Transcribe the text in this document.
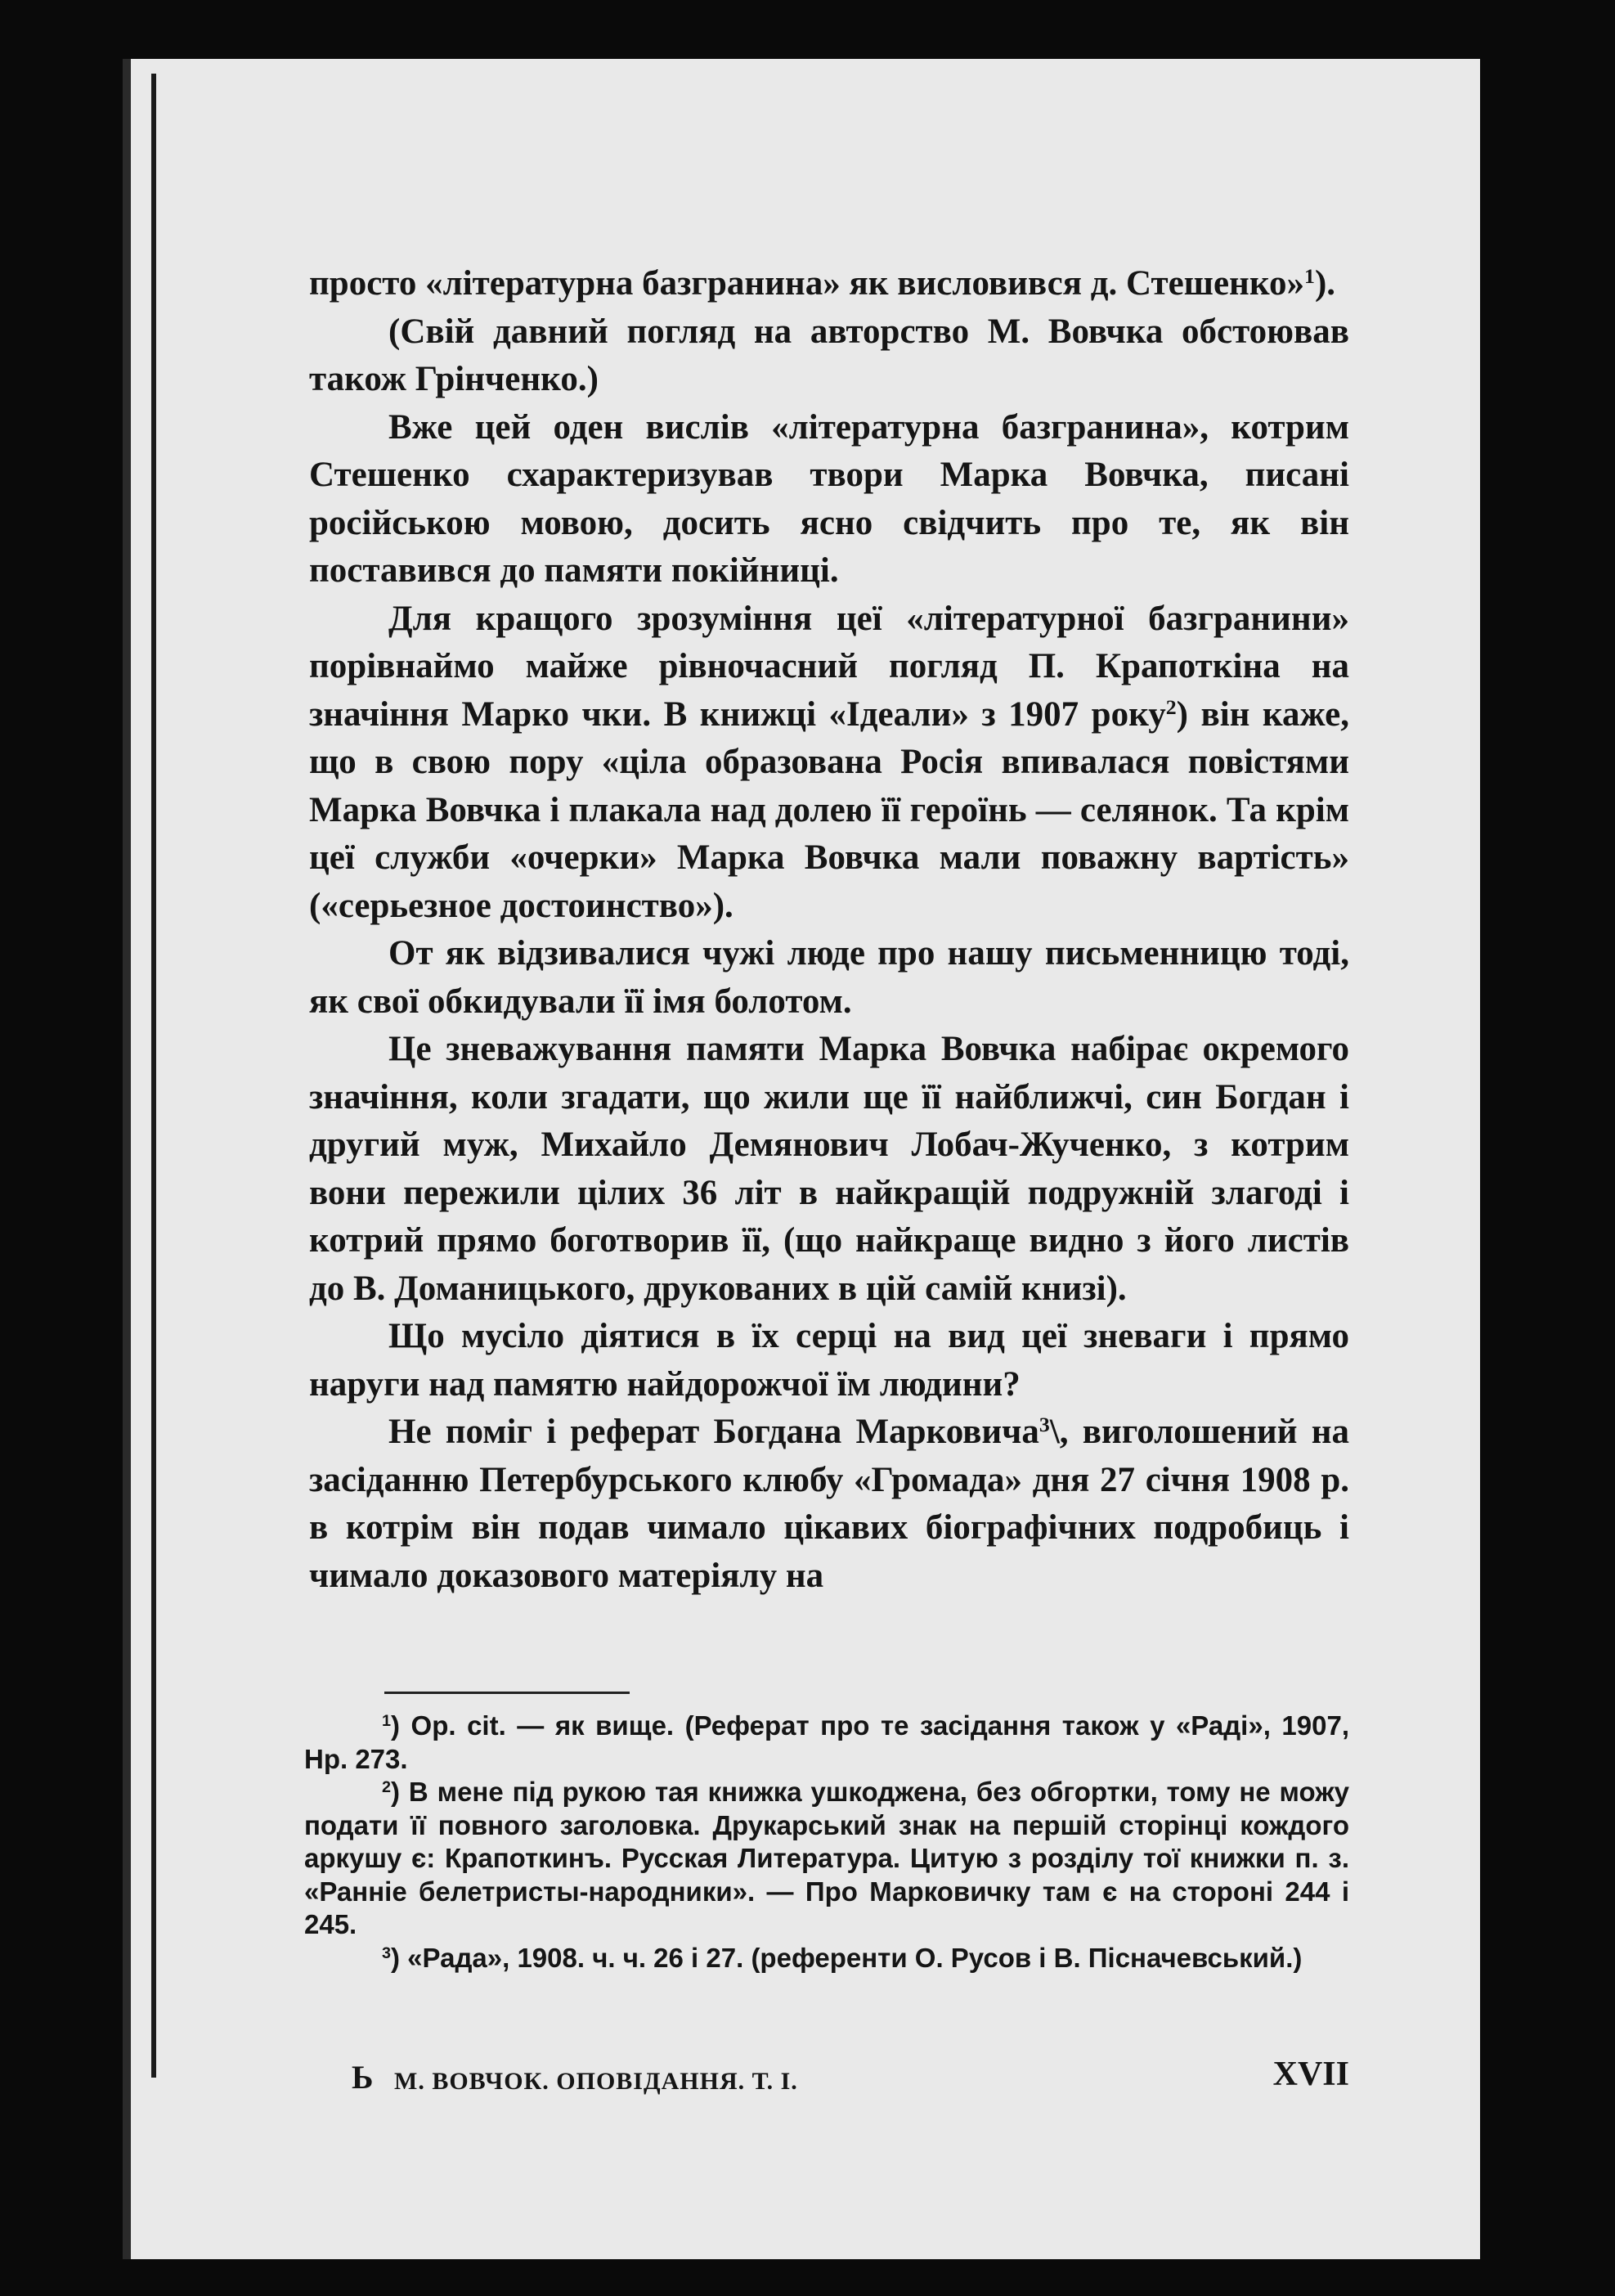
просто «літературна базгранина» як висловився д. Стешенко»$^1$).

(Свій давний погляд на авторство М. Вовчка обстоював також Грінченко.)

Вже цей оден вислів «літературна базгранина», котрим Стешенко схарактеризував твори Марка Вовчка, писані російською мовою, досить ясно свідчить про те, як він поставився до памяти покійниці.

Для кращого зрозуміння цеї «літературної базгранини» порівнаймо майже рівночасний погляд П. Крапоткіна на значіння Марко чки. В книжці «Ідеали» з 1907 року$^2$) він каже, що в свою пору «ціла образована Росія впивалася повістями Марка Вовчка і плакала над долею її героїнь — селянок. Та крім цеї служби «очерки» Марка Вовчка мали поважну вартість» («серьезное достоинство»).

От як відзивалися чужі люде про нашу письменницю тоді, як свої обкидували її імя болотом.

Це зневажування памяти Марка Вовчка набірає окремого значіння, коли згадати, що жили ще її найближчі, син Богдан і другий муж, Михайло Демянович Лобач-Жученко, з котрим вони пережили цілих 36 літ в найкращій подружній злагоді і котрий прямо боготворив її, (що найкраще видно з його листів до В. Доманицького, друкованих в цій самій книзі).

Що мусіло діятися в їх серці на вид цеї зневаги і прямо наруги над памятю найдорожчої їм людини?

Не поміг і реферат Богдана Марковича$^3$\, виголошений на засіданню Петербурського клюбу «Громада» дня 27 січня 1908 р. в котрім він подав чимало цікавих біографічних подробиць і чимало доказового матеріялу на

$^1$) Op. cit. — як вище. (Реферат про те засідання також у «Раді», 1907, Нр. 273.

$^2$) В мене під рукою тая книжка ушкоджена, без обгортки, тому не можу подати її повного заголовка. Друкарський знак на першій сторінці кождого аркушу є: Крапоткинъ. Русская Литература. Цитую з розділу тої книжки п. з. «Ранніе белетристы-народники». — Про Марковичку там є на стороні 244 і 245.

$^3$) «Рада», 1908. ч. ч. 26 і 27. (референти О. Русов і В. Пісначевський.)

Ь М. ВОВЧОК. ОПОВІДАННЯ. Т. І.	XVII
